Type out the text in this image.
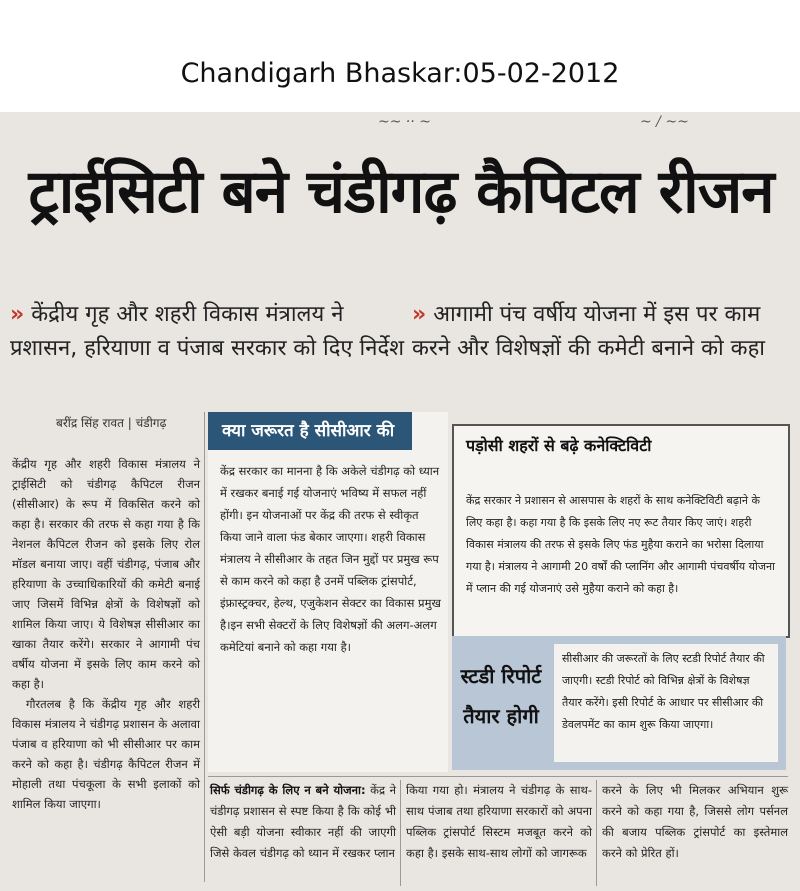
Chandigarh Bhaskar:05-02-2012
~~ ·· ~	~ / ~~
ट्राईसिटी बने चंडीगढ़ कैपिटल रीजन
» केंद्रीय गृह और शहरी विकास मंत्रालय ने
प्रशासन, हरियाणा व पंजाब सरकार को दिए निर्देश
» आगामी पंच वर्षीय योजना में इस पर काम
करने और विशेषज्ञों की कमेटी बनाने को कहा
बरींद्र सिंह रावत | चंडीगढ़

केंद्रीय गृह और शहरी विकास मंत्रालय ने ट्राईसिटी को चंडीगढ़ कैपिटल रीजन (सीसीआर) के रूप में विकसित करने को कहा है। सरकार की तरफ से कहा गया है कि नेशनल कैपिटल रीजन को इसके लिए रोल मॉडल बनाया जाए। वहीं चंडीगढ़, पंजाब और हरियाणा के उच्चाधिकारियों की कमेटी बनाई जाए जिसमें विभिन्न क्षेत्रों के विशेषज्ञों को शामिल किया जाए। ये विशेषज्ञ सीसीआर का खाका तैयार करेंगे। सरकार ने आगामी पंच वर्षीय योजना में इसके लिए काम करने को कहा है।

गौरतलब है कि केंद्रीय गृह और शहरी विकास मंत्रालय ने चंडीगढ़ प्रशासन के अलावा पंजाब व हरियाणा को भी सीसीआर पर काम करने को कहा है। चंडीगढ़ कैपिटल रीजन में मोहाली तथा पंचकूला के सभी इलाकों को शामिल किया जाएगा।

क्या जरूरत है सीसीआर की
केंद्र सरकार का मानना है कि अकेले चंडीगढ़ को ध्यान में रखकर बनाई गई योजनाएं भविष्य में सफल नहीं होंगी। इन योजनाओं पर केंद्र की तरफ से स्वीकृत किया जाने वाला फंड बेकार जाएगा। शहरी विकास मंत्रालय ने सीसीआर के तहत जिन मुद्दों पर प्रमुख रूप से काम करने को कहा है उनमें पब्लिक ट्रांसपोर्ट, इंफ्रास्ट्रक्चर, हेल्थ, एजुकेशन सेक्टर का विकास प्रमुख है।इन सभी सेक्टरों के लिए विशेषज्ञों की अलग-अलग कमेटियां बनाने को कहा गया है।
पड़ोसी शहरों से बढ़े कनेक्टिविटी
केंद्र सरकार ने प्रशासन से आसपास के शहरों के साथ कनेक्टिविटी बढ़ाने के लिए कहा है। कहा गया है कि इसके लिए नए रूट तैयार किए जाएं। शहरी विकास मंत्रालय की तरफ से इसके लिए फंड मुहैया कराने का भरोसा दिलाया गया है। मंत्रालय ने आगामी 20 वर्षों की प्लानिंग और आगामी पंचवर्षीय योजना में प्लान की गई योजनाएं उसे मुहैया कराने को कहा है।
स्टडी रिपोर्ट
तैयार होगी
सीसीआर की जरूरतों के लिए स्टडी रिपोर्ट तैयार की जाएगी। स्टडी रिपोर्ट को विभिन्न क्षेत्रों के विशेषज्ञ तैयार करेंगे। इसी रिपोर्ट के आधार पर सीसीआर की डेवलपमेंट का काम शुरू किया जाएगा।
सिर्फ चंडीगढ़ के लिए न बने योजना: केंद्र ने चंडीगढ़ प्रशासन से स्पष्ट किया है कि कोई भी ऐसी बड़ी योजना स्वीकार नहीं की जाएगी जिसे केवल चंडीगढ़ को ध्यान में रखकर प्लान
किया गया हो। मंत्रालय ने चंडीगढ़ के साथ-साथ पंजाब तथा हरियाणा सरकारों को अपना पब्लिक ट्रांसपोर्ट सिस्टम मजबूत करने को कहा है। इसके साथ-साथ लोगों को जागरूक
करने के लिए भी मिलकर अभियान शुरू करने को कहा गया है, जिससे लोग पर्सनल की बजाय पब्लिक ट्रांसपोर्ट का इस्तेमाल करने को प्रेरित हों।
